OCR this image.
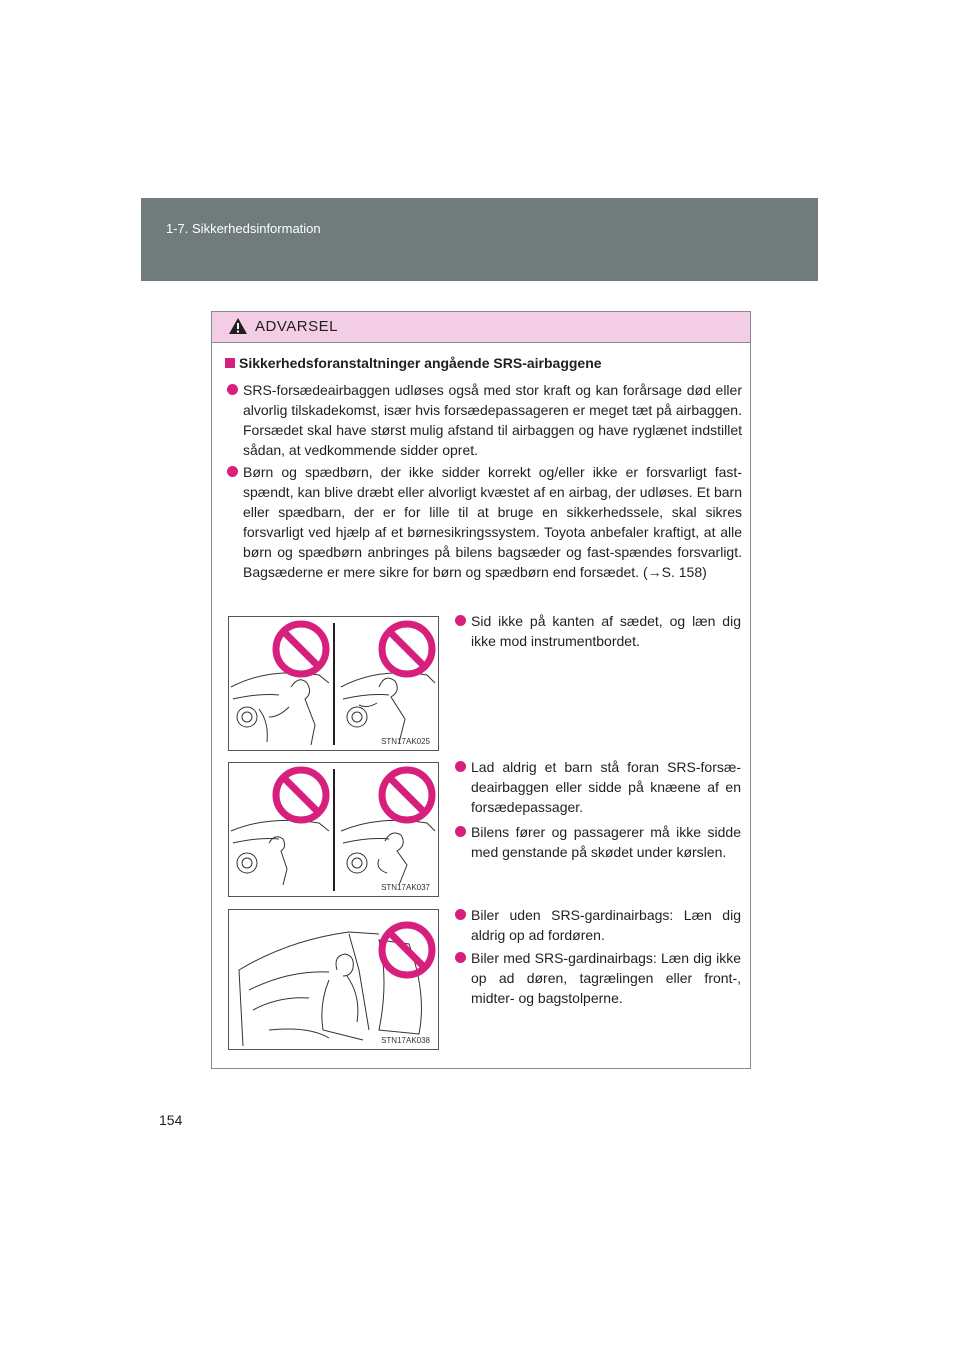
1-7. Sikkerhedsinformation
ADVARSEL
Sikkerhedsforanstaltninger angående SRS-airbaggene
SRS-forsædeairbaggen udløses også med stor kraft og kan forårsage død eller alvorlig tilskadekomst, især hvis forsædepassageren er meget tæt på airbaggen. Forsædet skal have størst mulig afstand til airbaggen og have ryglænet indstillet sådan, at vedkommende sidder opret.
Børn og spædbørn, der ikke sidder korrekt og/eller ikke er forsvarligt fast-spændt, kan blive dræbt eller alvorligt kvæstet af en airbag, der udløses. Et barn eller spædbarn, der er for lille til at bruge en sikkerhedssele, skal sikres forsvarligt ved hjælp af et børnesikringssystem. Toyota anbefaler kraftigt, at alle børn og spædbørn anbringes på bilens bagsæder og fast-spændes forsvarligt. Bagsæderne er mere sikre for børn og spædbørn end forsædet. (→S. 158)
STN17AK025
Sid ikke på kanten af sædet, og læn dig ikke mod instrumentbordet.
STN17AK037
Lad aldrig et barn stå foran SRS-forsæ-deairbaggen eller sidde på knæene af en forsædepassager.
Bilens fører og passagerer må ikke sidde med genstande på skødet under kørslen.
STN17AK038
Biler uden SRS-gardinairbags: Læn dig aldrig op ad fordøren.
Biler med SRS-gardinairbags: Læn dig ikke op ad døren, tagrælingen eller front-, midter- og bagstolperne.
154
